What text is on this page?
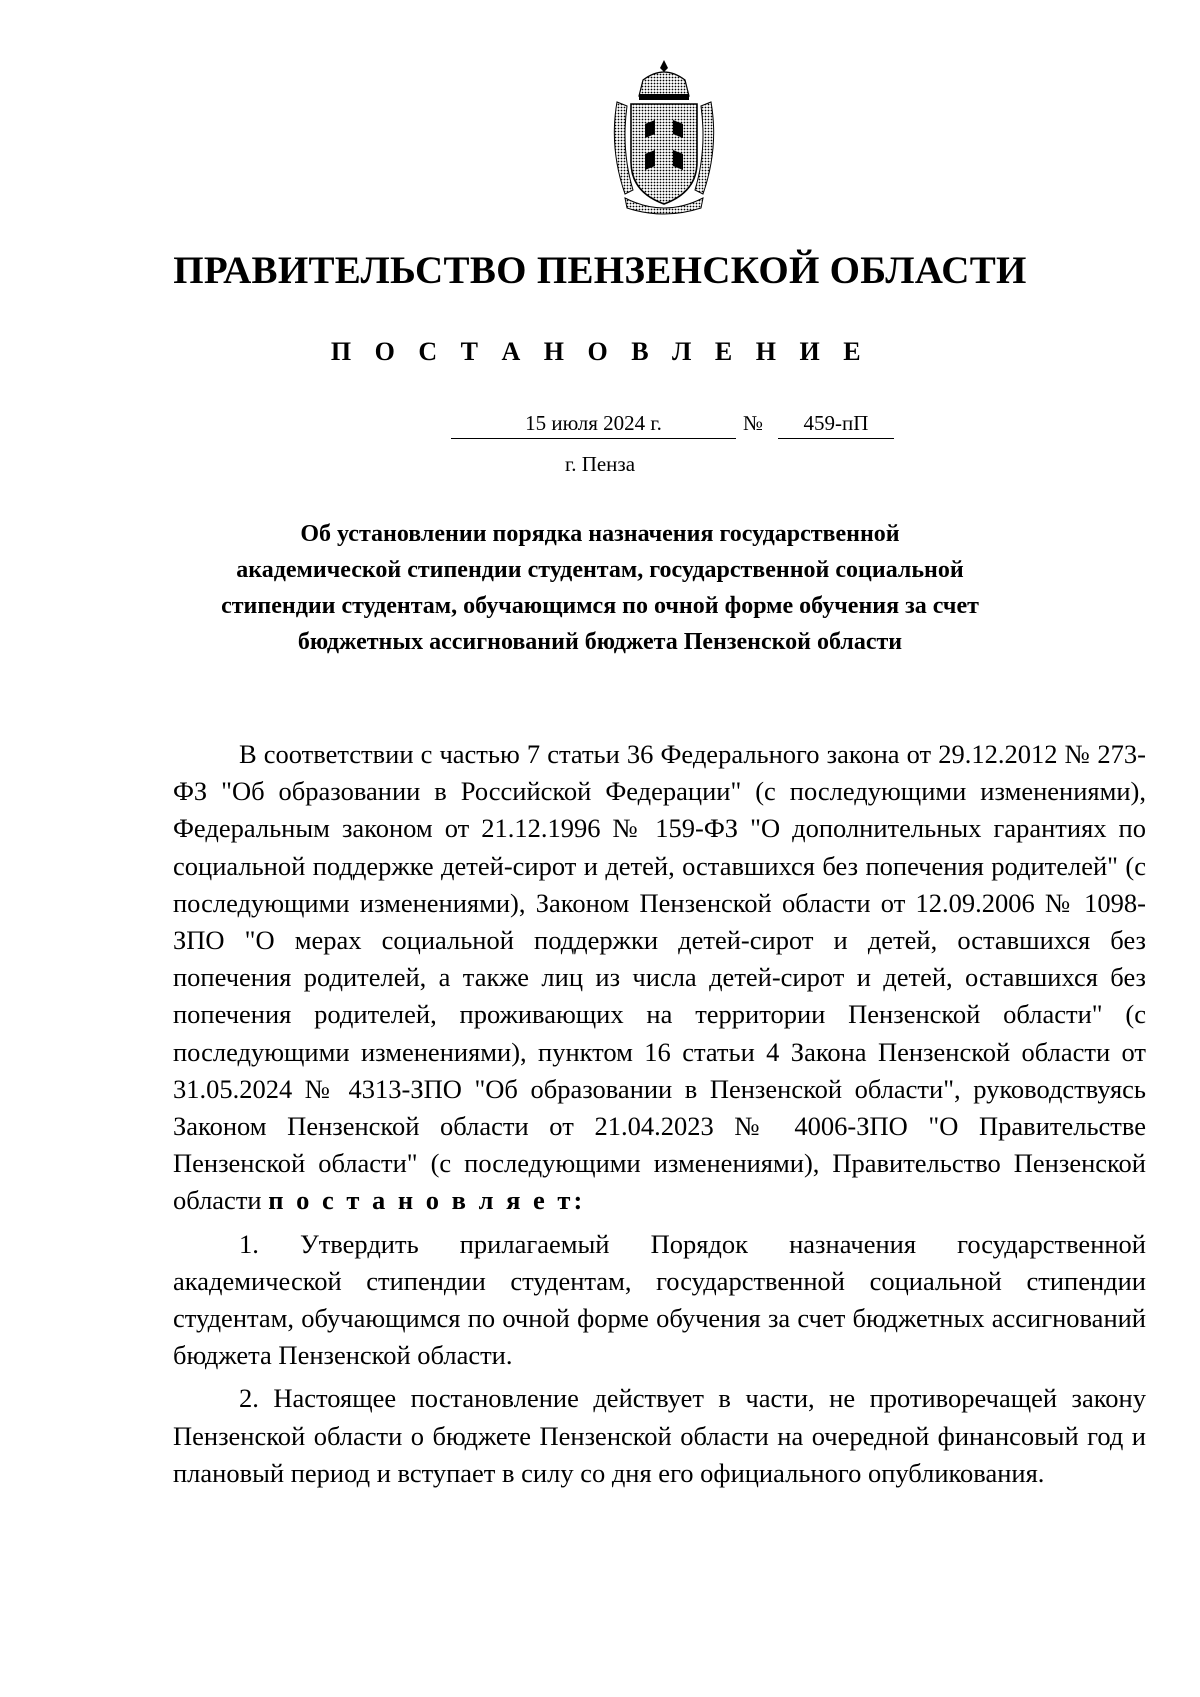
ПРАВИТЕЛЬСТВО ПЕНЗЕНСКОЙ ОБЛАСТИ
П О С Т А Н О В Л Е Н И Е
15 июля 2024 г.	№	459-пП
г. Пенза
Об установлении порядка назначения государственной
академической стипендии студентам, государственной социальной
стипендии студентам, обучающимся по очной форме обучения за счет
бюджетных ассигнований бюджета Пензенской области

В соответствии с частью 7 статьи 36 Федерального закона от 29.12.2012 № 273-ФЗ "Об образовании в Российской Федерации" (с последующими изменениями), Федеральным законом от 21.12.1996 № 159-ФЗ "О дополнительных гарантиях по социальной поддержке детей-сирот и детей, оставшихся без попечения родителей" (с последующими изменениями), Законом Пензенской области от 12.09.2006 № 1098-ЗПО "О мерах социальной поддержки детей-сирот и детей, оставшихся без попечения родителей, а также лиц из числа детей-сирот и детей, оставшихся без попечения родителей, проживающих на территории Пензенской области" (с последующими изменениями), пунктом 16 статьи 4 Закона Пензенской области от 31.05.2024 № 4313-ЗПО "Об образовании в Пензенской области", руководствуясь Законом Пензенской области от 21.04.2023 № 4006-ЗПО "О Правительстве Пензенской области" (с последующими изменениями), Правительство Пензенской области п о с т а н о в л я е т:

1. Утвердить прилагаемый Порядок назначения государственной академической стипендии студентам, государственной социальной стипендии студентам, обучающимся по очной форме обучения за счет бюджетных ассигнований бюджета Пензенской области.

2. Настоящее постановление действует в части, не противоречащей закону Пензенской области о бюджете Пензенской области на очередной финансовый год и плановый период и вступает в силу со дня его официального опубликования.
